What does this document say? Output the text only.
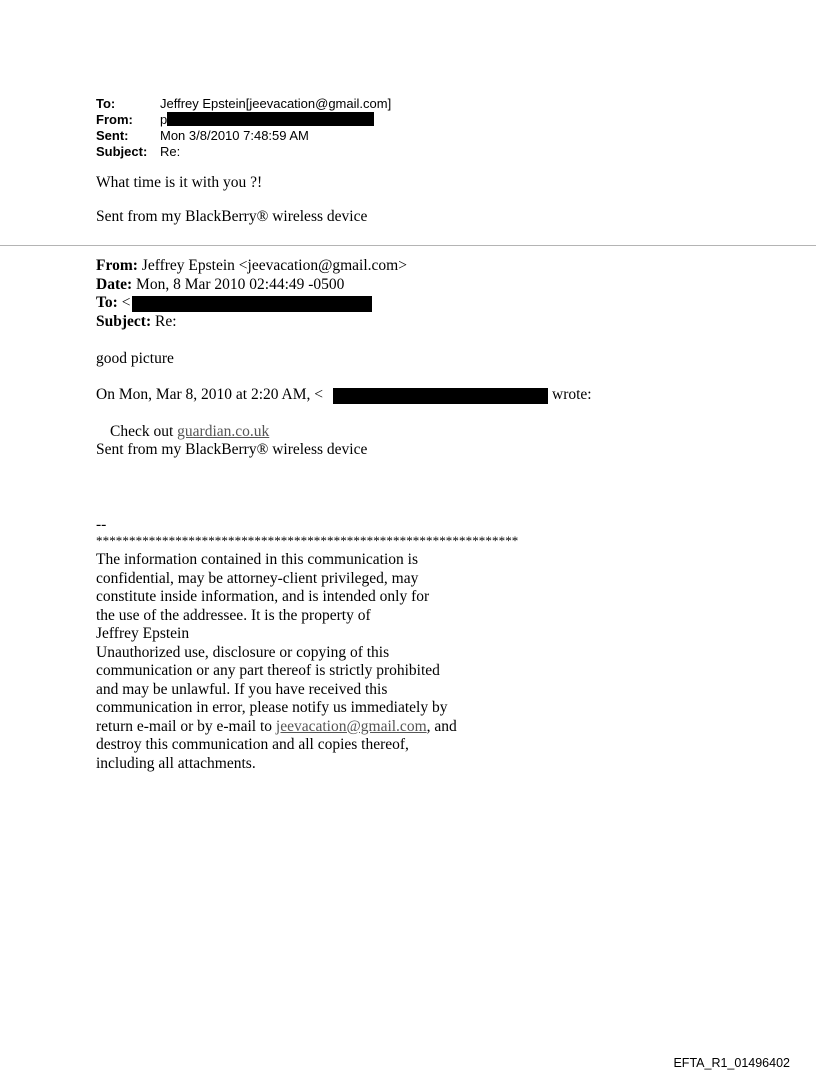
To:	Jeffrey Epstein[jeevacation@gmail.com]
From: p
Sent: Mon 3/8/2010 7:48:59 AM
Subject: Re:
What time is it with you ?!
Sent from my BlackBerry® wireless device
From: Jeffrey Epstein <jeevacation@gmail.com>
Date: Mon, 8 Mar 2010 02:44:49 -0500
To: <
Subject: Re:
good picture
On Mon, Mar 8, 2010 at 2:20 AM, <	wrote:
Check out guardian.co.uk
Sent from my BlackBerry® wireless device
--
****************************************************************
The information contained in this communication is
confidential, may be attorney-client privileged, may
constitute inside information, and is intended only for
the use of the addressee. It is the property of
Jeffrey Epstein
Unauthorized use, disclosure or copying of this
communication or any part thereof is strictly prohibited
and may be unlawful. If you have received this
communication in error, please notify us immediately by
return e-mail or by e-mail to jeevacation@gmail.com, and
destroy this communication and all copies thereof,
including all attachments.
EFTA_R1_01496402
